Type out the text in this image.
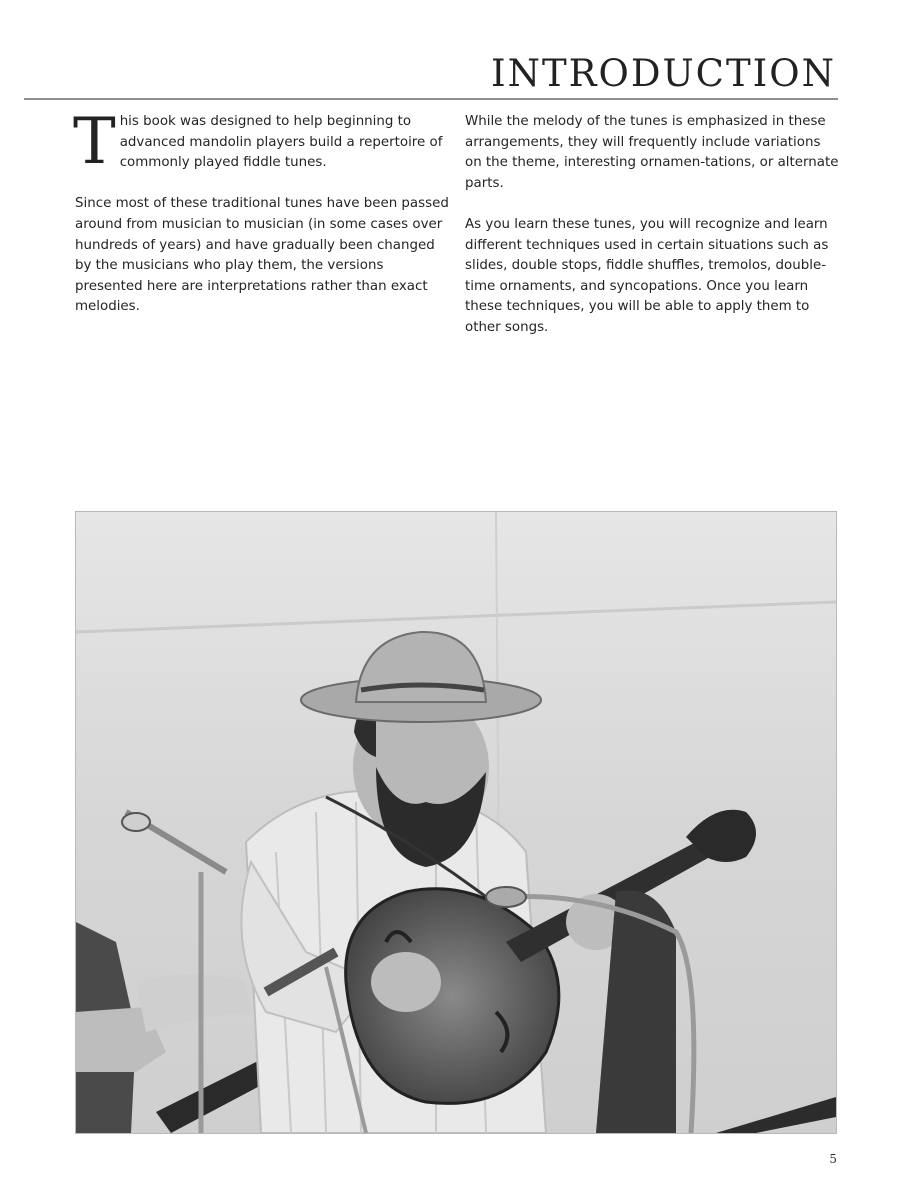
INTRODUCTION

This book was designed to help beginning to advanced mandolin players build a repertoire of commonly played fiddle tunes.

Since most of these traditional tunes have been passed around from musician to musician (in some cases over hundreds of years) and have gradually been changed by the musicians who play them, the versions presented here are interpretations rather than exact melodies.

While the melody of the tunes is emphasized in these arrangements, they will frequently include variations on the theme, interesting ornamen-tations, or alternate parts.

As you learn these tunes, you will recognize and learn different techniques used in certain situations such as slides, double stops, fiddle shuffles, tremolos, double-time ornaments, and syncopations. Once you learn these techniques, you will be able to apply them to other songs.

5
